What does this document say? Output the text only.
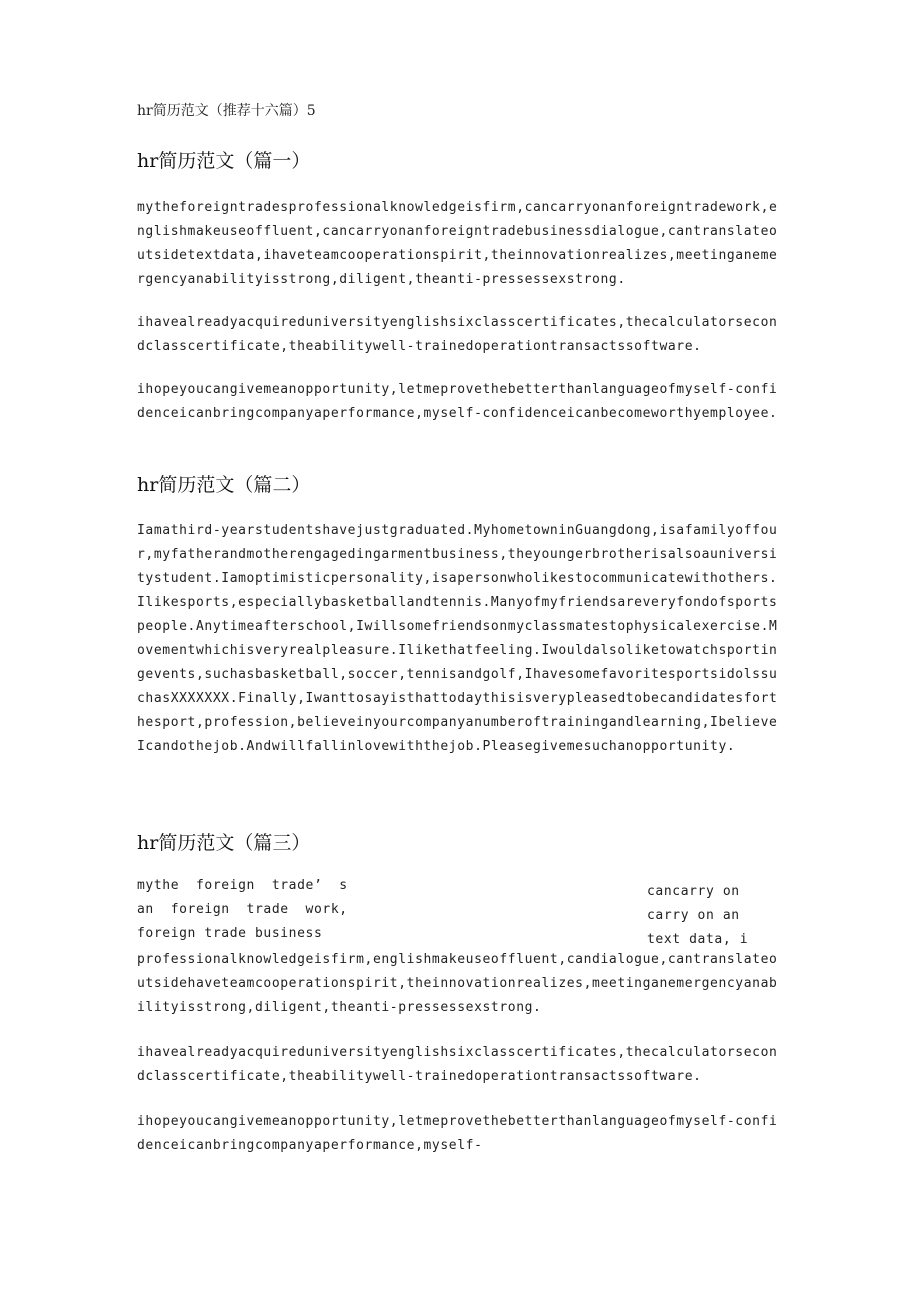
hr简历范文（推荐十六篇）5
hr简历范文（篇一）

mytheforeigntradesprofessionalknowledgeisfirm,cancarryonanforeigntradework,englishmakeuseoffluent,cancarryonanforeigntradebusinessdialogue,cantranslateoutsidetextdata,ihaveteamcooperationspirit,theinnovationrealizes,meetinganemergencyanabilityisstrong,diligent,theanti-pressessexstrong.

ihavealreadyacquireduniversityenglishsixclasscertificates,thecalculatorsecondclasscertificate,theabilitywell-trainedoperationtransactssoftware.

ihopeyoucangivemeanopportunity,letmeprovethebetterthanlanguageofmyself-confidenceicanbringcompanyaperformance,myself-confidenceicanbecomeworthyemployee.

hr简历范文（篇二）

Iamathird-yearstudentshavejustgraduated.MyhometowninGuangdong,isafamilyoffour,myfatherandmotherengagedingarmentbusiness,theyoungerbrotherisalsoauniversitystudent.Iamoptimisticpersonality,isapersonwholikestocommunicatewithothers.Ilikesports,especiallybasketballandtennis.Manyofmyfriendsareveryfondofsportspeople.Anytimeafterschool,Iwillsomefriendsonmyclassmatestophysicalexercise.Movementwhichisveryrealpleasure.Ilikethatfeeling.Iwouldalsoliketowatchsportingevents,suchasbasketball,soccer,tennisandgolf,IhavesomefavoritesportsidolssuchasXXXXXXX.Finally,Iwanttosayisthattodaythisisverypleasedtobecandidatesforthesport,profession,believeinyourcompanyanumberoftrainingandlearning,IbelieveIcandothejob.Andwillfallinlovewiththejob.Pleasegivemesuchanopportunity.

hr简历范文（篇三）
mythe  foreign  trade’  s
an  foreign  trade  work,
foreign trade business
cancarry on
carry on an
text data, i

professionalknowledgeisfirm,englishmakeuseoffluent,candialogue,cantranslateoutsidehaveteamcooperationspirit,theinnovationrealizes,meetinganemergencyanabilityisstrong,diligent,theanti-pressessexstrong.

ihavealreadyacquireduniversityenglishsixclasscertificates,thecalculatorsecondclasscertificate,theabilitywell-trainedoperationtransactssoftware.

ihopeyoucangivemeanopportunity,letmeprovethebetterthanlanguageofmyself-confidenceicanbringcompanyaperformance,myself-
